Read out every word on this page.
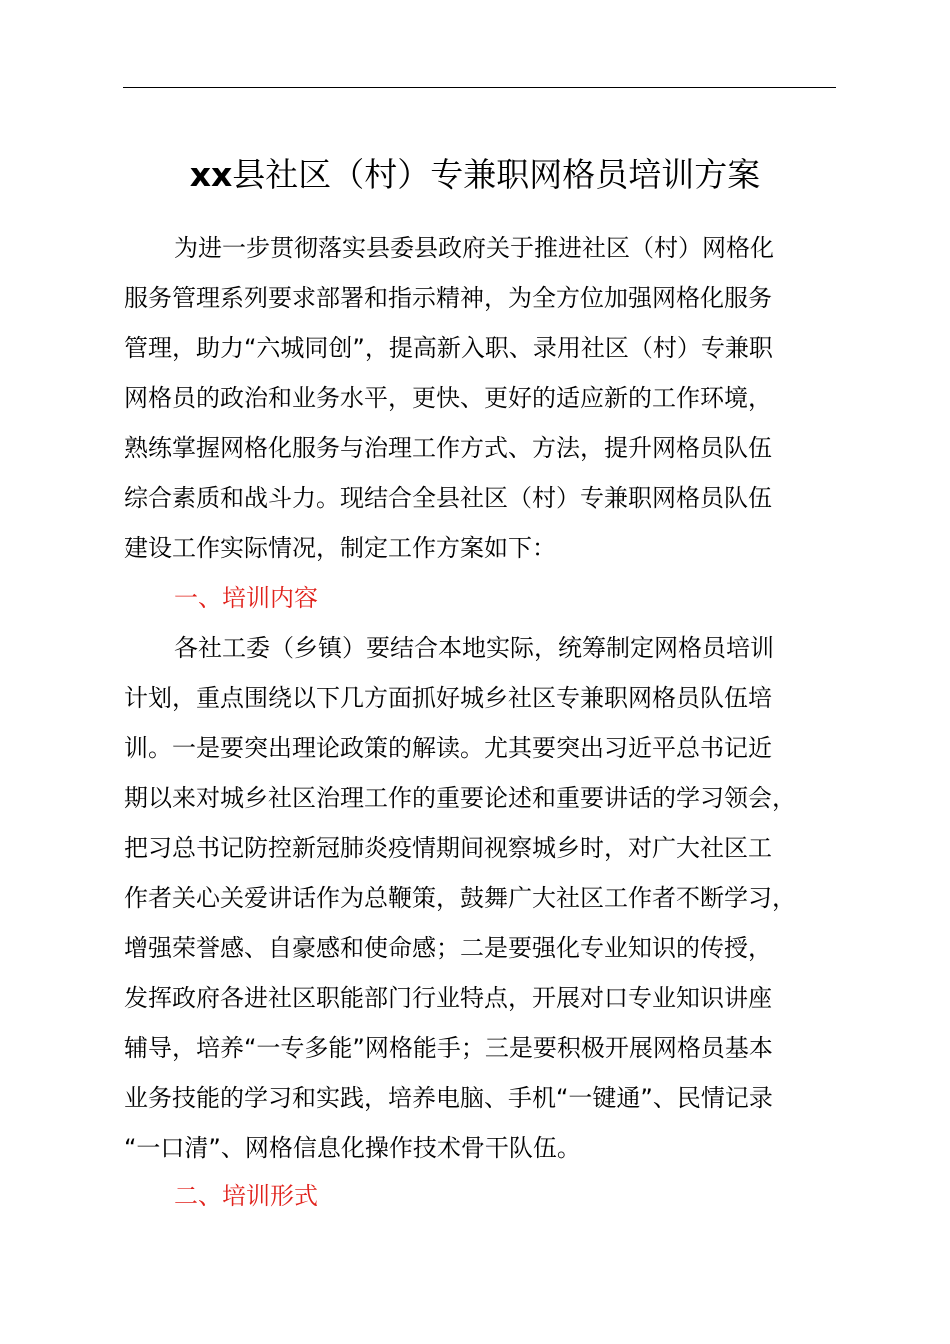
xx县社区（村）专兼职网格员培训方案

为进一步贯彻落实县委县政府关于推进社区（村）网格化

服务管理系列要求部署和指示精神，为全方位加强网格化服务

管理，助力“六城同创”，提高新入职、录用社区（村）专兼职

网格员的政治和业务水平，更快、更好的适应新的工作环境，

熟练掌握网格化服务与治理工作方式、方法，提升网格员队伍

综合素质和战斗力。现结合全县社区（村）专兼职网格员队伍

建设工作实际情况，制定工作方案如下：

一、培训内容

各社工委（乡镇）要结合本地实际，统筹制定网格员培训

计划，重点围绕以下几方面抓好城乡社区专兼职网格员队伍培

训。一是要突出理论政策的解读。尤其要突出习近平总书记近

期以来对城乡社区治理工作的重要论述和重要讲话的学习领会，

把习总书记防控新冠肺炎疫情期间视察城乡时，对广大社区工

作者关心关爱讲话作为总鞭策，鼓舞广大社区工作者不断学习，

增强荣誉感、自豪感和使命感；二是要强化专业知识的传授，

发挥政府各进社区职能部门行业特点，开展对口专业知识讲座

辅导，培养“一专多能”网格能手；三是要积极开展网格员基本

业务技能的学习和实践，培养电脑、手机“一键通”、民情记录

“一口清”、网格信息化操作技术骨干队伍。

二、培训形式
